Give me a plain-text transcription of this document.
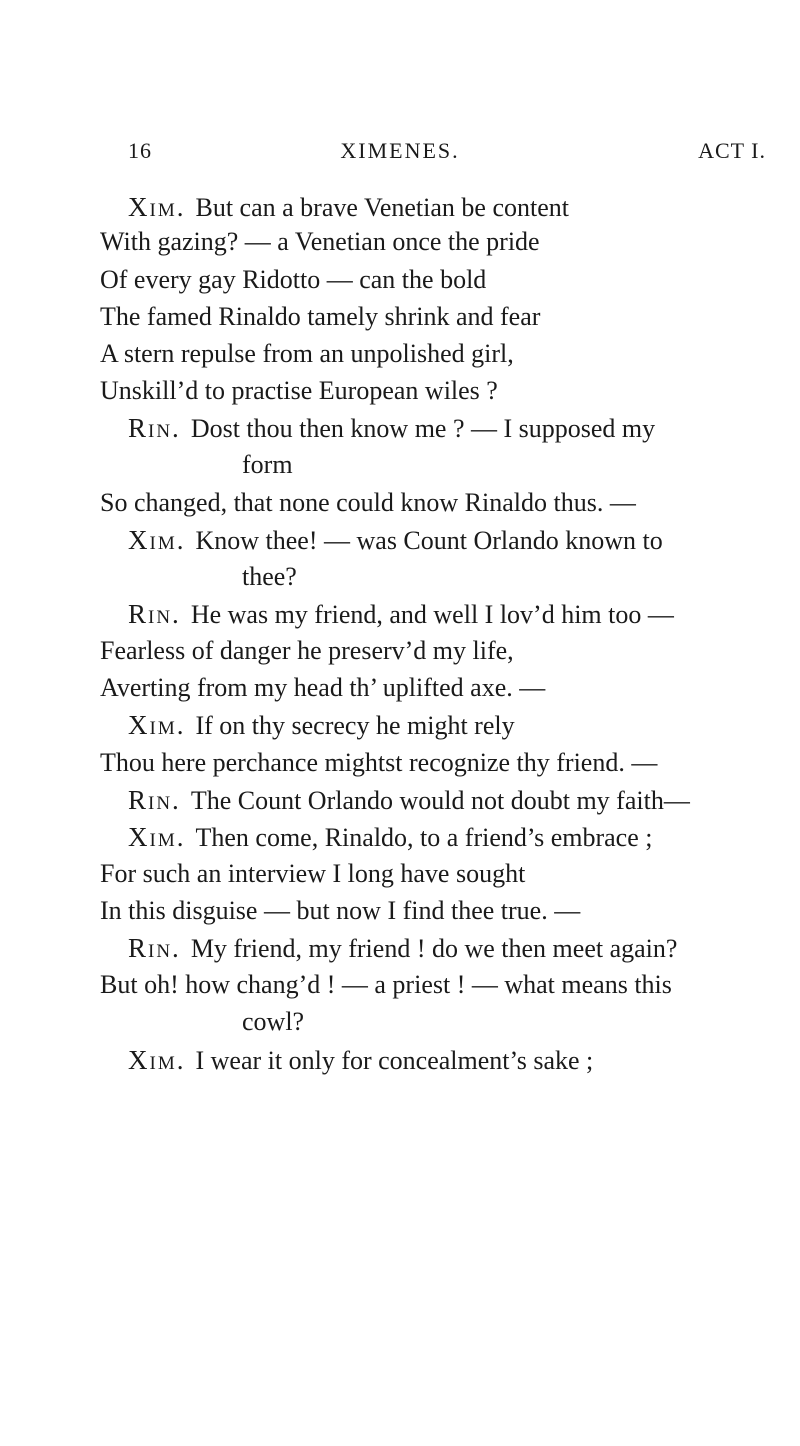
16	XIMENES.	ACT I.
Xim. But can a brave Venetian be content
With gazing? — a Venetian once the pride
Of every gay Ridotto — can the bold
The famed Rinaldo tamely shrink and fear
A stern repulse from an unpolished girl,
Unskill’d to practise European wiles ?
Rin. Dost thou then know me ? — I supposed my
form
So changed, that none could know Rinaldo thus. —
Xim. Know thee! — was Count Orlando known to
thee?
Rin. He was my friend, and well I lov’d him too —
Fearless of danger he preserv’d my life,
Averting from my head th’ uplifted axe. —
Xim. If on thy secrecy he might rely
Thou here perchance mightst recognize thy friend. —
Rin. The Count Orlando would not doubt my faith—
Xim. Then come, Rinaldo, to a friend’s embrace ;
For such an interview I long have sought
In this disguise — but now I find thee true. —
Rin. My friend, my friend ! do we then meet again?
But oh! how chang’d ! — a priest ! — what means this
cowl?
Xim. I wear it only for concealment’s sake ;
